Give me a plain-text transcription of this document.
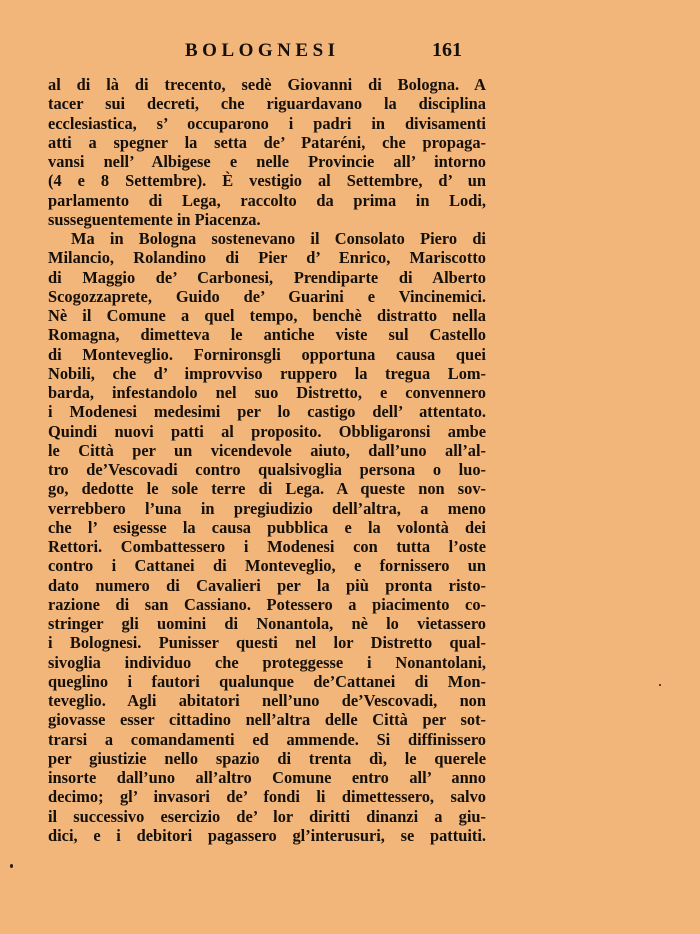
BOLOGNESI	161
al di là di trecento, sedè Giovanni di Bologna. A
tacer sui decreti, che riguardavano la disciplina
ecclesiastica, s’ occuparono i padri in divisamenti
atti a spegner la setta de’ Pataréni, che propaga-
vansi nell’ Albigese e nelle Provincie all’ intorno
(4 e 8 Settembre). È vestigio al Settembre, d’ un
parlamento di Lega, raccolto da prima in Lodi,
susseguentemente in Piacenza.
Ma in Bologna sostenevano il Consolato Piero di
Milancio, Rolandino di Pier d’ Enrico, Mariscotto
di Maggio de’ Carbonesi, Prendiparte di Alberto
Scogozzaprete, Guido de’ Guarini e Vincinemici.
Nè il Comune a quel tempo, benchè distratto nella
Romagna, dimetteva le antiche viste sul Castello
di Monteveglio. Fornironsgli opportuna causa quei
Nobili, che d’ improvviso ruppero la tregua Lom-
barda, infestandolo nel suo Distretto, e convennero
i Modenesi medesimi per lo castigo dell’ attentato.
Quindi nuovi patti al proposito. Obbligaronsi ambe
le Città per un vicendevole aiuto, dall’uno all’al-
tro de’Vescovadi contro qualsivoglia persona o luo-
go, dedotte le sole terre di Lega. A queste non sov-
verrebbero l’una in pregiudizio dell’altra, a meno
che l’ esigesse la causa pubblica e la volontà dei
Rettori. Combattessero i Modenesi con tutta l’oste
contro i Cattanei di Monteveglio, e fornissero un
dato numero di Cavalieri per la più pronta risto-
razione di san Cassiano. Potessero a piacimento co-
stringer gli uomini di Nonantola, nè lo vietassero
i Bolognesi. Punisser questi nel lor Distretto qual-
sivoglia individuo che proteggesse i Nonantolani,
queglino i fautori qualunque de’Cattanei di Mon-
teveglio. Agli abitatori nell’uno de’Vescovadi, non
giovasse esser cittadino nell’altra delle Città per sot-
trarsi a comandamenti ed ammende. Si diffinissero
per giustizie nello spazio di trenta dì, le querele
insorte dall’uno all’altro Comune entro all’ anno
decimo; gl’ invasori de’ fondi li dimettessero, salvo
il successivo esercizio de’ lor diritti dinanzi a giu-
dici, e i debitori pagassero gl’interusuri, se pattuiti.
